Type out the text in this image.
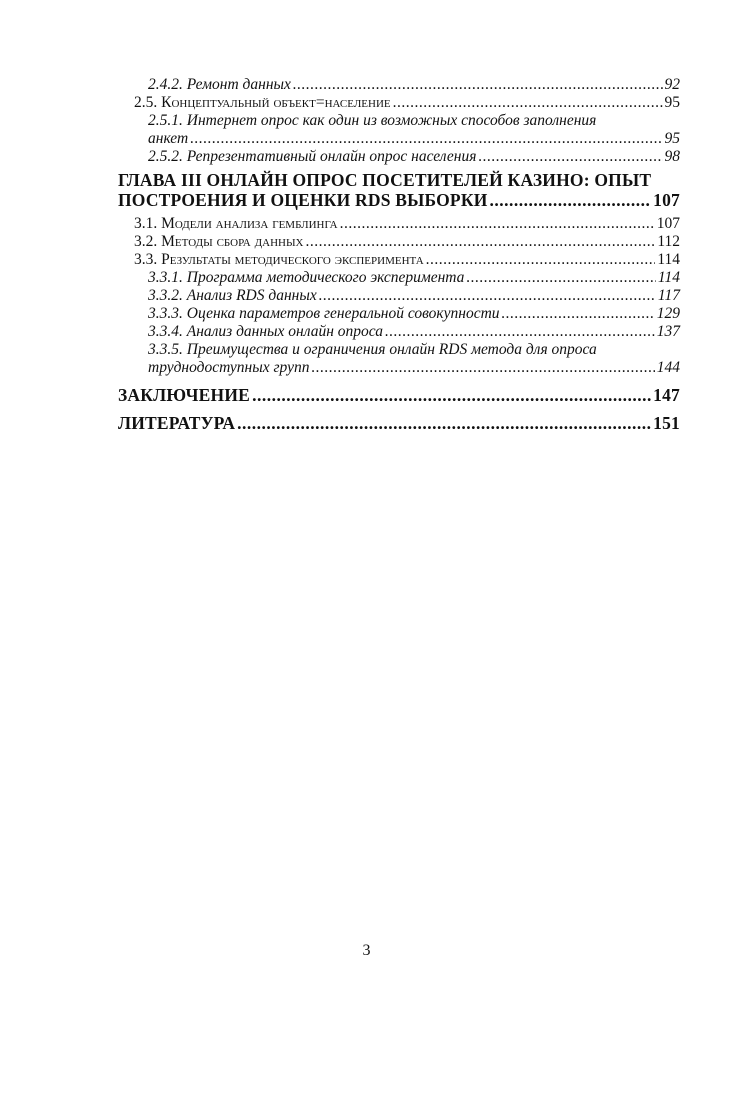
2.4.2. Ремонт данных .....	92
2.5. Концептуальный объект=население .....	95
2.5.1. Интернет опрос как один из возможных способов заполнения
анкет .....	95
2.5.2. Репрезентативный онлайн опрос населения .....	98
ГЛАВА III ОНЛАЙН ОПРОС ПОСЕТИТЕЛЕЙ КАЗИНО: ОПЫТ
ПОСТРОЕНИЯ И ОЦЕНКИ RDS ВЫБОРКИ .....	107
3.1. Модели анализа гемблинга .....	107
3.2. Методы сбора данных .....	112
3.3. Результаты методического эксперимента .....	114
3.3.1. Программа методического эксперимента .....	114
3.3.2. Анализ RDS данных .....	117
3.3.3. Оценка параметров генеральной совокупности .....	129
3.3.4. Анализ данных онлайн опроса .....	137
3.3.5. Преимущества и ограничения онлайн RDS метода для опроса
труднодоступных групп .....	144
ЗАКЛЮЧЕНИЕ .....	147
ЛИТЕРАТУРА .....	151
3
